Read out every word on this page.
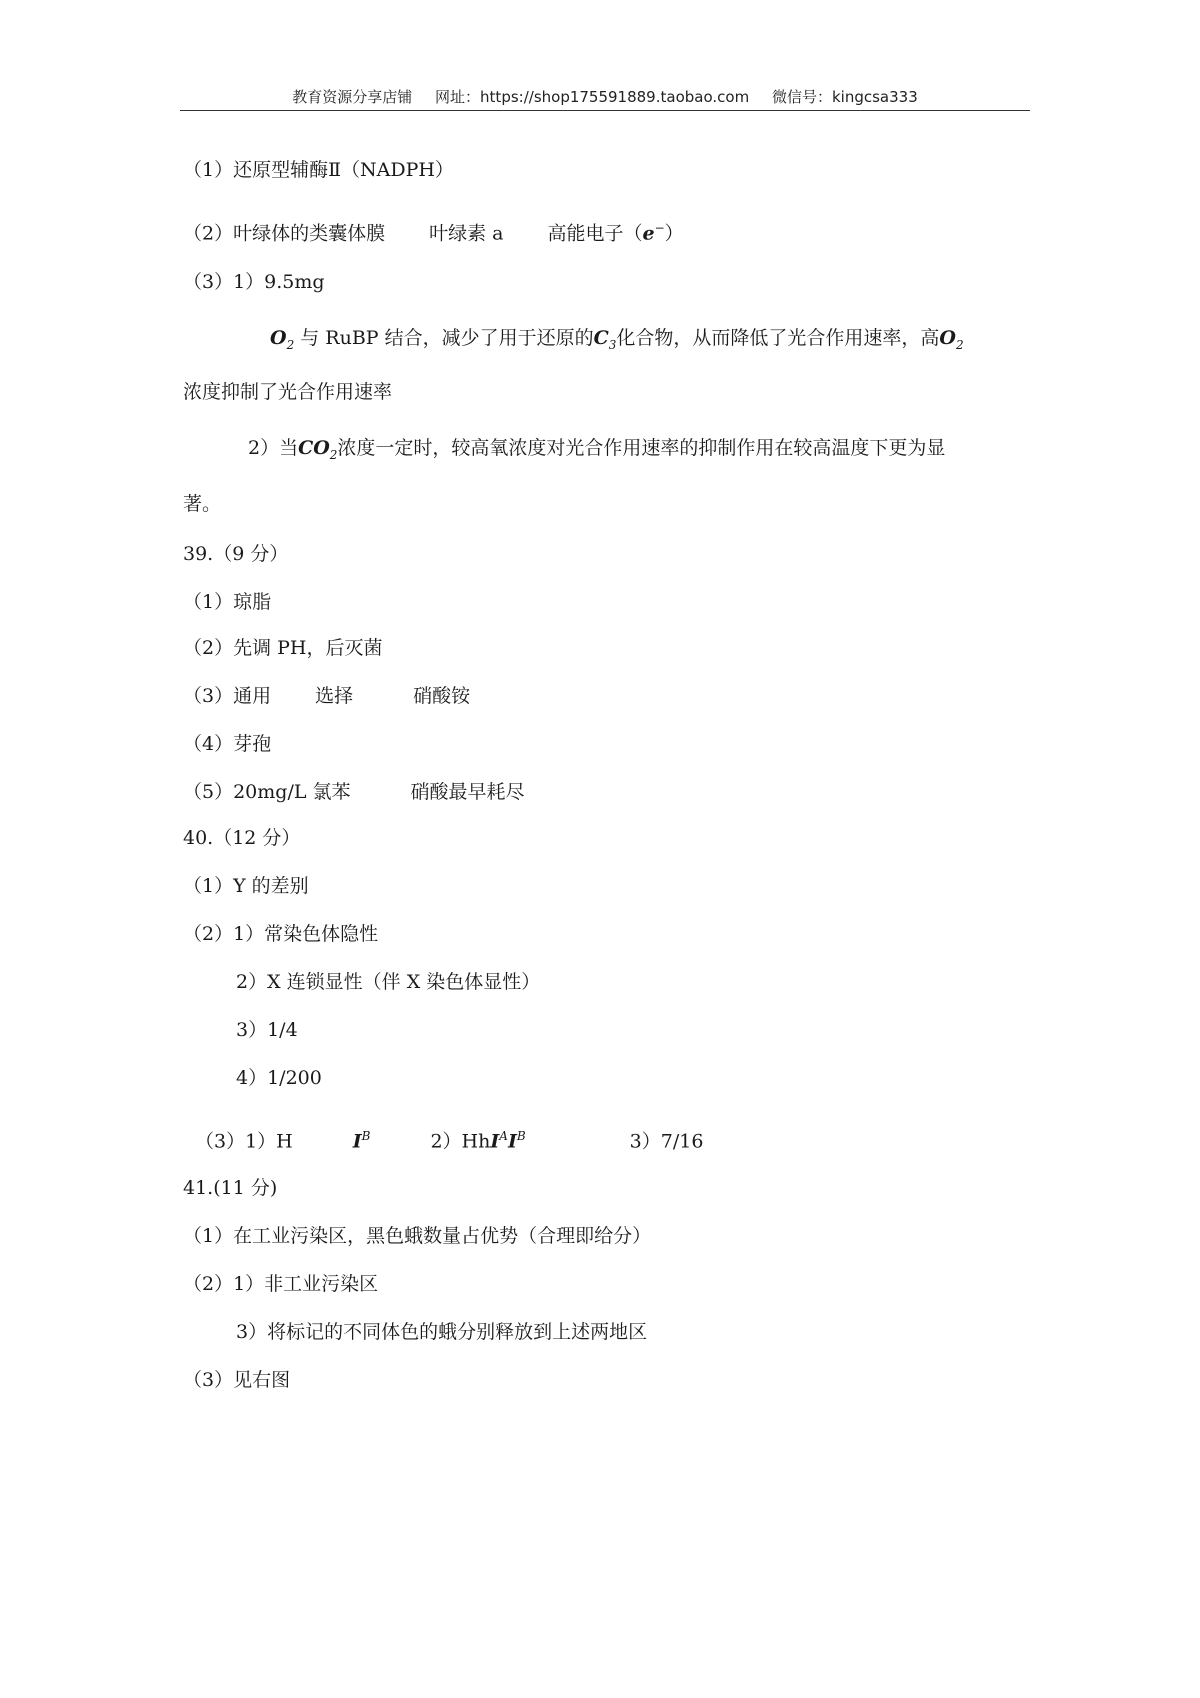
教育资源分享店铺 网址：https://shop175591889.taobao.com 微信号：kingcsa333
（1）还原型辅酶Ⅱ（NADPH）
（2）叶绿体的类囊体膜 叶绿素 a 高能电子（e−）
（3）1）9.5mg
$O_2$ 与 RuBP 结合，减少了用于还原的$C_3$化合物，从而降低了光合作用速率，高$O_2$
浓度抑制了光合作用速率
2）当$CO_2$浓度一定时，较高氧浓度对光合作用速率的抑制作用在较高温度下更为显
著。
39.（9 分）
（1）琼脂
（2）先调 PH，后灭菌
（3）通用 选择	硝酸铵
（4）芽孢
（5）20mg/L 氯苯	硝酸最早耗尽
40.（12 分）
（1）Y 的差别
（2）1）常染色体隐性
2）X 连锁显性（伴 X 染色体显性）
3）1/4
4）1/200
（3）1）H	$I^B$	$2)HhI^AI^B$	3）7/16
41.(11 分)
（1）在工业污染区，黑色蛾数量占优势（合理即给分）
（2）1）非工业污染区
3）将标记的不同体色的蛾分别释放到上述两地区
（3）见右图
